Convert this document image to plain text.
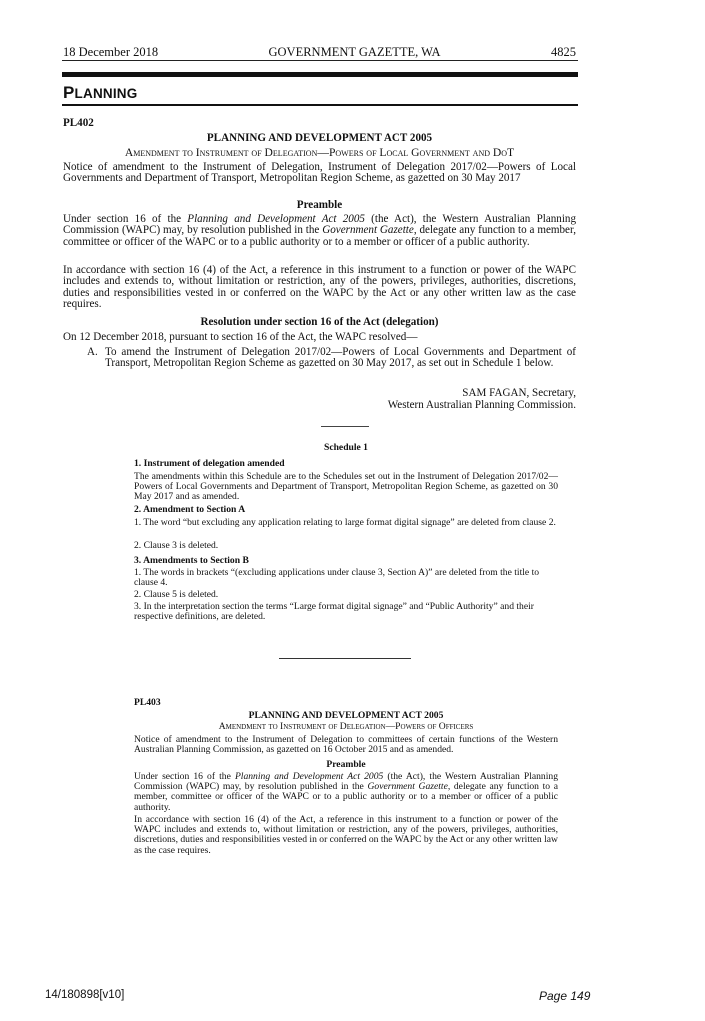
18 December 2018	GOVERNMENT GAZETTE, WA	4825
PLANNING
PL402
PLANNING AND DEVELOPMENT ACT 2005
Amendment to Instrument of Delegation—Powers of Local Government and DoT
Notice of amendment to the Instrument of Delegation, Instrument of Delegation 2017/02—Powers of Local Governments and Department of Transport, Metropolitan Region Scheme, as gazetted on 30 May 2017
Preamble
Under section 16 of the Planning and Development Act 2005 (the Act), the Western Australian Planning Commission (WAPC) may, by resolution published in the Government Gazette, delegate any function to a member, committee or officer of the WAPC or to a public authority or to a member or officer of a public authority.
In accordance with section 16 (4) of the Act, a reference in this instrument to a function or power of the WAPC includes and extends to, without limitation or restriction, any of the powers, privileges, authorities, discretions, duties and responsibilities vested in or conferred on the WAPC by the Act or any other written law as the case requires.
Resolution under section 16 of the Act (delegation)
On 12 December 2018, pursuant to section 16 of the Act, the WAPC resolved—
A. To amend the Instrument of Delegation 2017/02—Powers of Local Governments and Department of Transport, Metropolitan Region Scheme as gazetted on 30 May 2017, as set out in Schedule 1 below.
SAM FAGAN, Secretary,
Western Australian Planning Commission.
Schedule 1
1. Instrument of delegation amended
The amendments within this Schedule are to the Schedules set out in the Instrument of Delegation 2017/02—Powers of Local Governments and Department of Transport, Metropolitan Region Scheme, as gazetted on 30 May 2017 and as amended.
2. Amendment to Section A
1. The word “but excluding any application relating to large format digital signage” are deleted from clause 2.
2. Clause 3 is deleted.
3. Amendments to Section B
1. The words in brackets “(excluding applications under clause 3, Section A)” are deleted from the title to clause 4.
2. Clause 5 is deleted.
3. In the interpretation section the terms “Large format digital signage” and “Public Authority” and their respective definitions, are deleted.
PL403
PLANNING AND DEVELOPMENT ACT 2005
Amendment to Instrument of Delegation—Powers of Officers
Notice of amendment to the Instrument of Delegation to committees of certain functions of the Western Australian Planning Commission, as gazetted on 16 October 2015 and as amended.
Preamble
Under section 16 of the Planning and Development Act 2005 (the Act), the Western Australian Planning Commission (WAPC) may, by resolution published in the Government Gazette, delegate any function to a member, committee or officer of the WAPC or to a public authority or to a member or officer of a public authority.
In accordance with section 16 (4) of the Act, a reference in this instrument to a function or power of the WAPC includes and extends to, without limitation or restriction, any of the powers, privileges, authorities, discretions, duties and responsibilities vested in or conferred on the WAPC by the Act or any other written law as the case requires.
14/180898[v10]	Page 149
